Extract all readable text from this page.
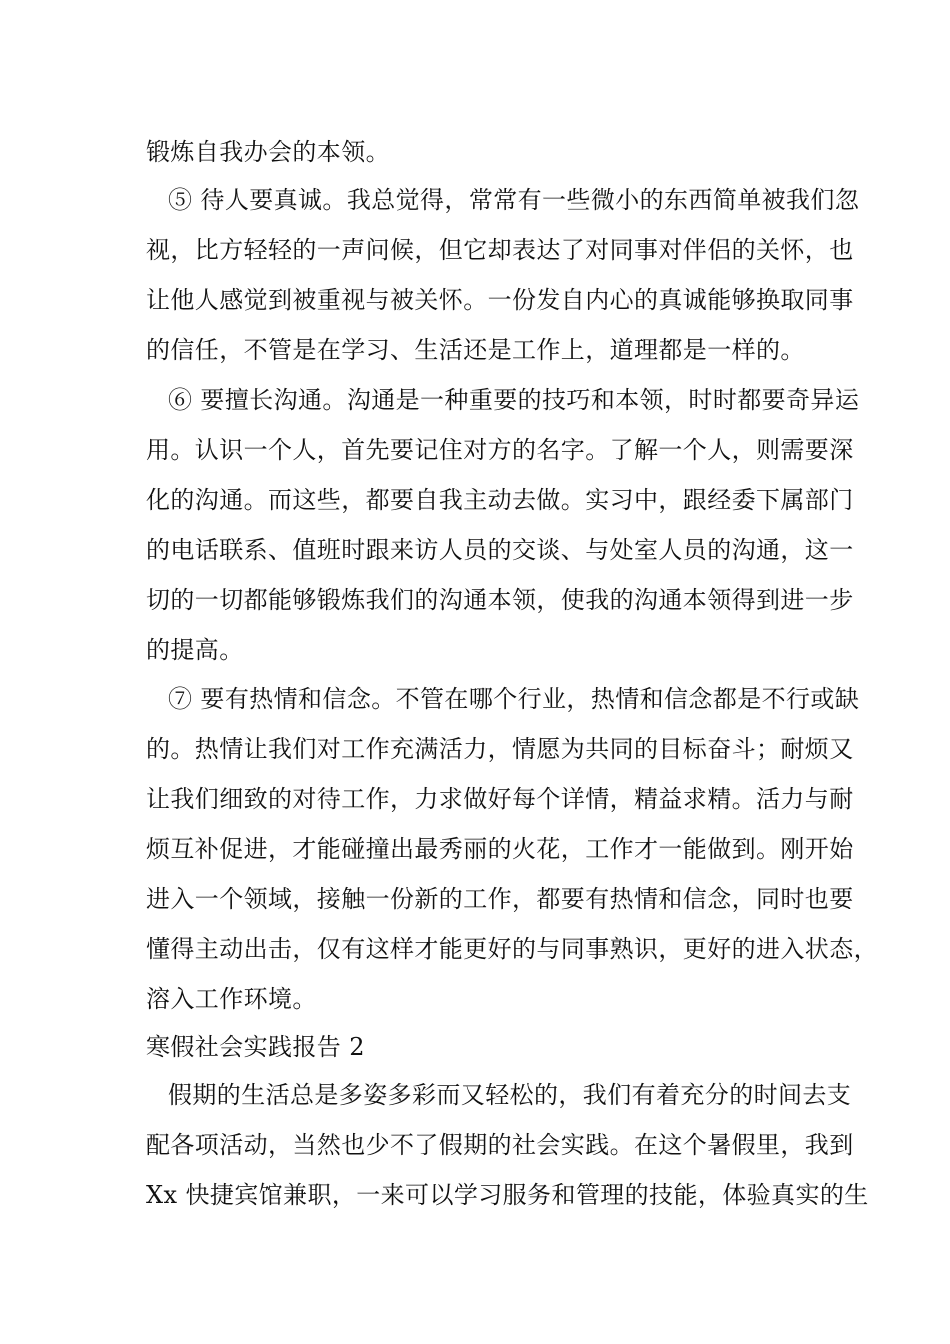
锻炼自我办会的本领。
⑤ 待人要真诚。我总觉得，常常有一些微小的东西简单被我们忽
视，比方轻轻的一声问候，但它却表达了对同事对伴侣的关怀，也
让他人感觉到被重视与被关怀。一份发自内心的真诚能够换取同事
的信任，不管是在学习、生活还是工作上，道理都是一样的。
⑥ 要擅长沟通。沟通是一种重要的技巧和本领，时时都要奇异运
用。认识一个人，首先要记住对方的名字。了解一个人，则需要深
化的沟通。而这些，都要自我主动去做。实习中，跟经委下属部门
的电话联系、值班时跟来访人员的交谈、与处室人员的沟通，这一
切的一切都能够锻炼我们的沟通本领，使我的沟通本领得到进一步
的提高。
⑦ 要有热情和信念。不管在哪个行业，热情和信念都是不行或缺
的。热情让我们对工作充满活力，情愿为共同的目标奋斗；耐烦又
让我们细致的对待工作，力求做好每个详情，精益求精。活力与耐
烦互补促进，才能碰撞出最秀丽的火花，工作才一能做到。刚开始
进入一个领域，接触一份新的工作，都要有热情和信念，同时也要
懂得主动出击，仅有这样才能更好的与同事熟识，更好的进入状态，
溶入工作环境。
寒假社会实践报告 2
假期的生活总是多姿多彩而又轻松的，我们有着充分的时间去支
配各项活动，当然也少不了假期的社会实践。在这个暑假里，我到
Xx 快捷宾馆兼职，一来可以学习服务和管理的技能，体验真实的生
